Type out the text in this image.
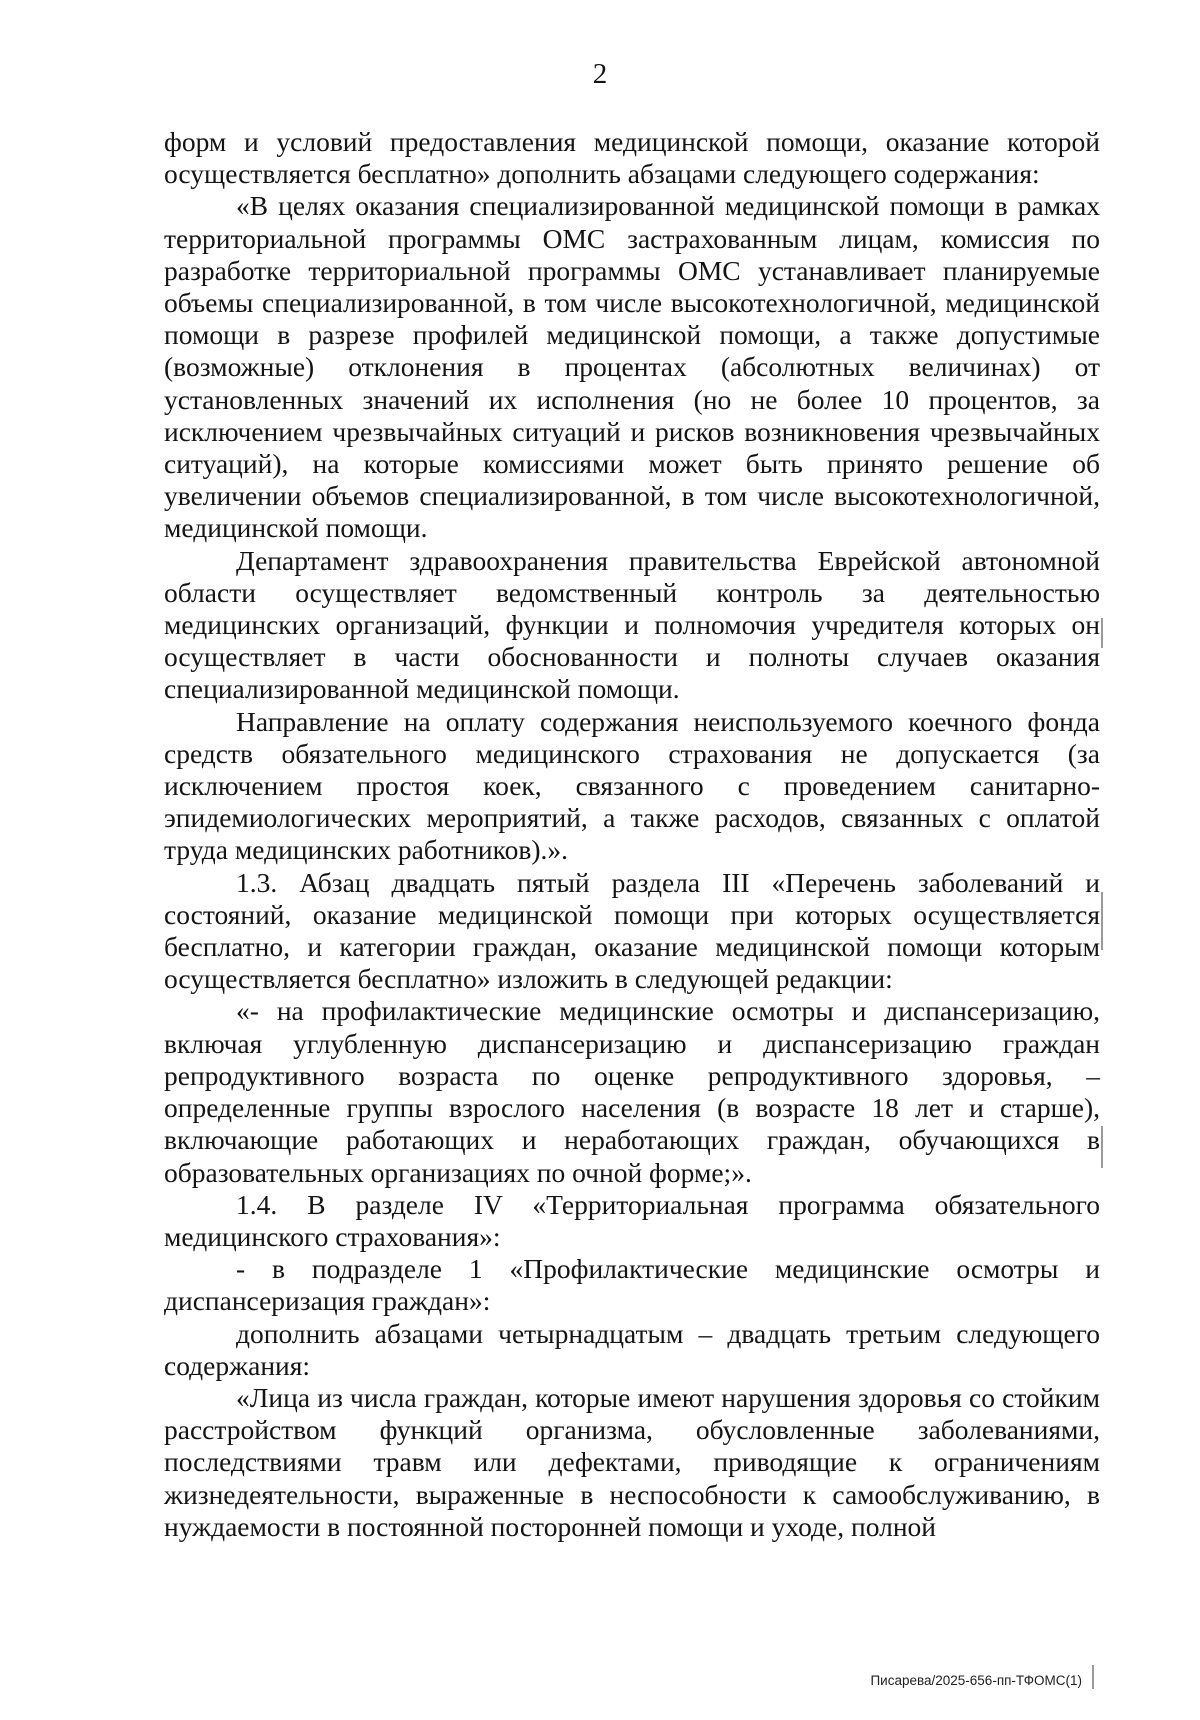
2

форм и условий предоставления медицинской помощи, оказание которой осуществляется бесплатно» дополнить абзацами следующего содержания:

«В целях оказания специализированной медицинской помощи в рамках территориальной программы ОМС застрахованным лицам, комиссия по разработке территориальной программы ОМС устанавливает планируемые объемы специализированной, в том числе высокотехнологичной, медицинской помощи в разрезе профилей медицинской помощи, а также допустимые (возможные) отклонения в процентах (абсолютных величинах) от установленных значений их исполнения (но не более 10 процентов, за исключением чрезвычайных ситуаций и рисков возникновения чрезвычайных ситуаций), на которые комиссиями может быть принято решение об увеличении объемов специализированной, в том числе высокотехнологичной, медицинской помощи.

Департамент здравоохранения правительства Еврейской автономной области осуществляет ведомственный контроль за деятельностью медицинских организаций, функции и полномочия учредителя которых он осуществляет в части обоснованности и полноты случаев оказания специализированной медицинской помощи.

Направление на оплату содержания неиспользуемого коечного фонда средств обязательного медицинского страхования не допускается (за исключением простоя коек, связанного с проведением санитарно-эпидемиологических мероприятий, а также расходов, связанных с оплатой труда медицинских работников).».

1.3. Абзац двадцать пятый раздела III «Перечень заболеваний и состояний, оказание медицинской помощи при которых осуществляется бесплатно, и категории граждан, оказание медицинской помощи которым осуществляется бесплатно» изложить в следующей редакции:

«- на профилактические медицинские осмотры и диспансеризацию, включая углубленную диспансеризацию и диспансеризацию граждан репродуктивного возраста по оценке репродуктивного здоровья, – определенные группы взрослого населения (в возрасте 18 лет и старше), включающие работающих и неработающих граждан, обучающихся в образовательных организациях по очной форме;».

1.4. В разделе IV «Территориальная программа обязательного медицинского страхования»:

- в подразделе 1 «Профилактические медицинские осмотры и диспансеризация граждан»:

дополнить абзацами четырнадцатым – двадцать третьим следующего содержания:

«Лица из числа граждан, которые имеют нарушения здоровья со стойким расстройством функций организма, обусловленные заболеваниями, последствиями травм или дефектами, приводящие к ограничениям жизнедеятельности, выраженные в неспособности к самообслуживанию, в нуждаемости в постоянной посторонней помощи и уходе, полной

Писарева/2025-656-пп-ТФОМС(1)
